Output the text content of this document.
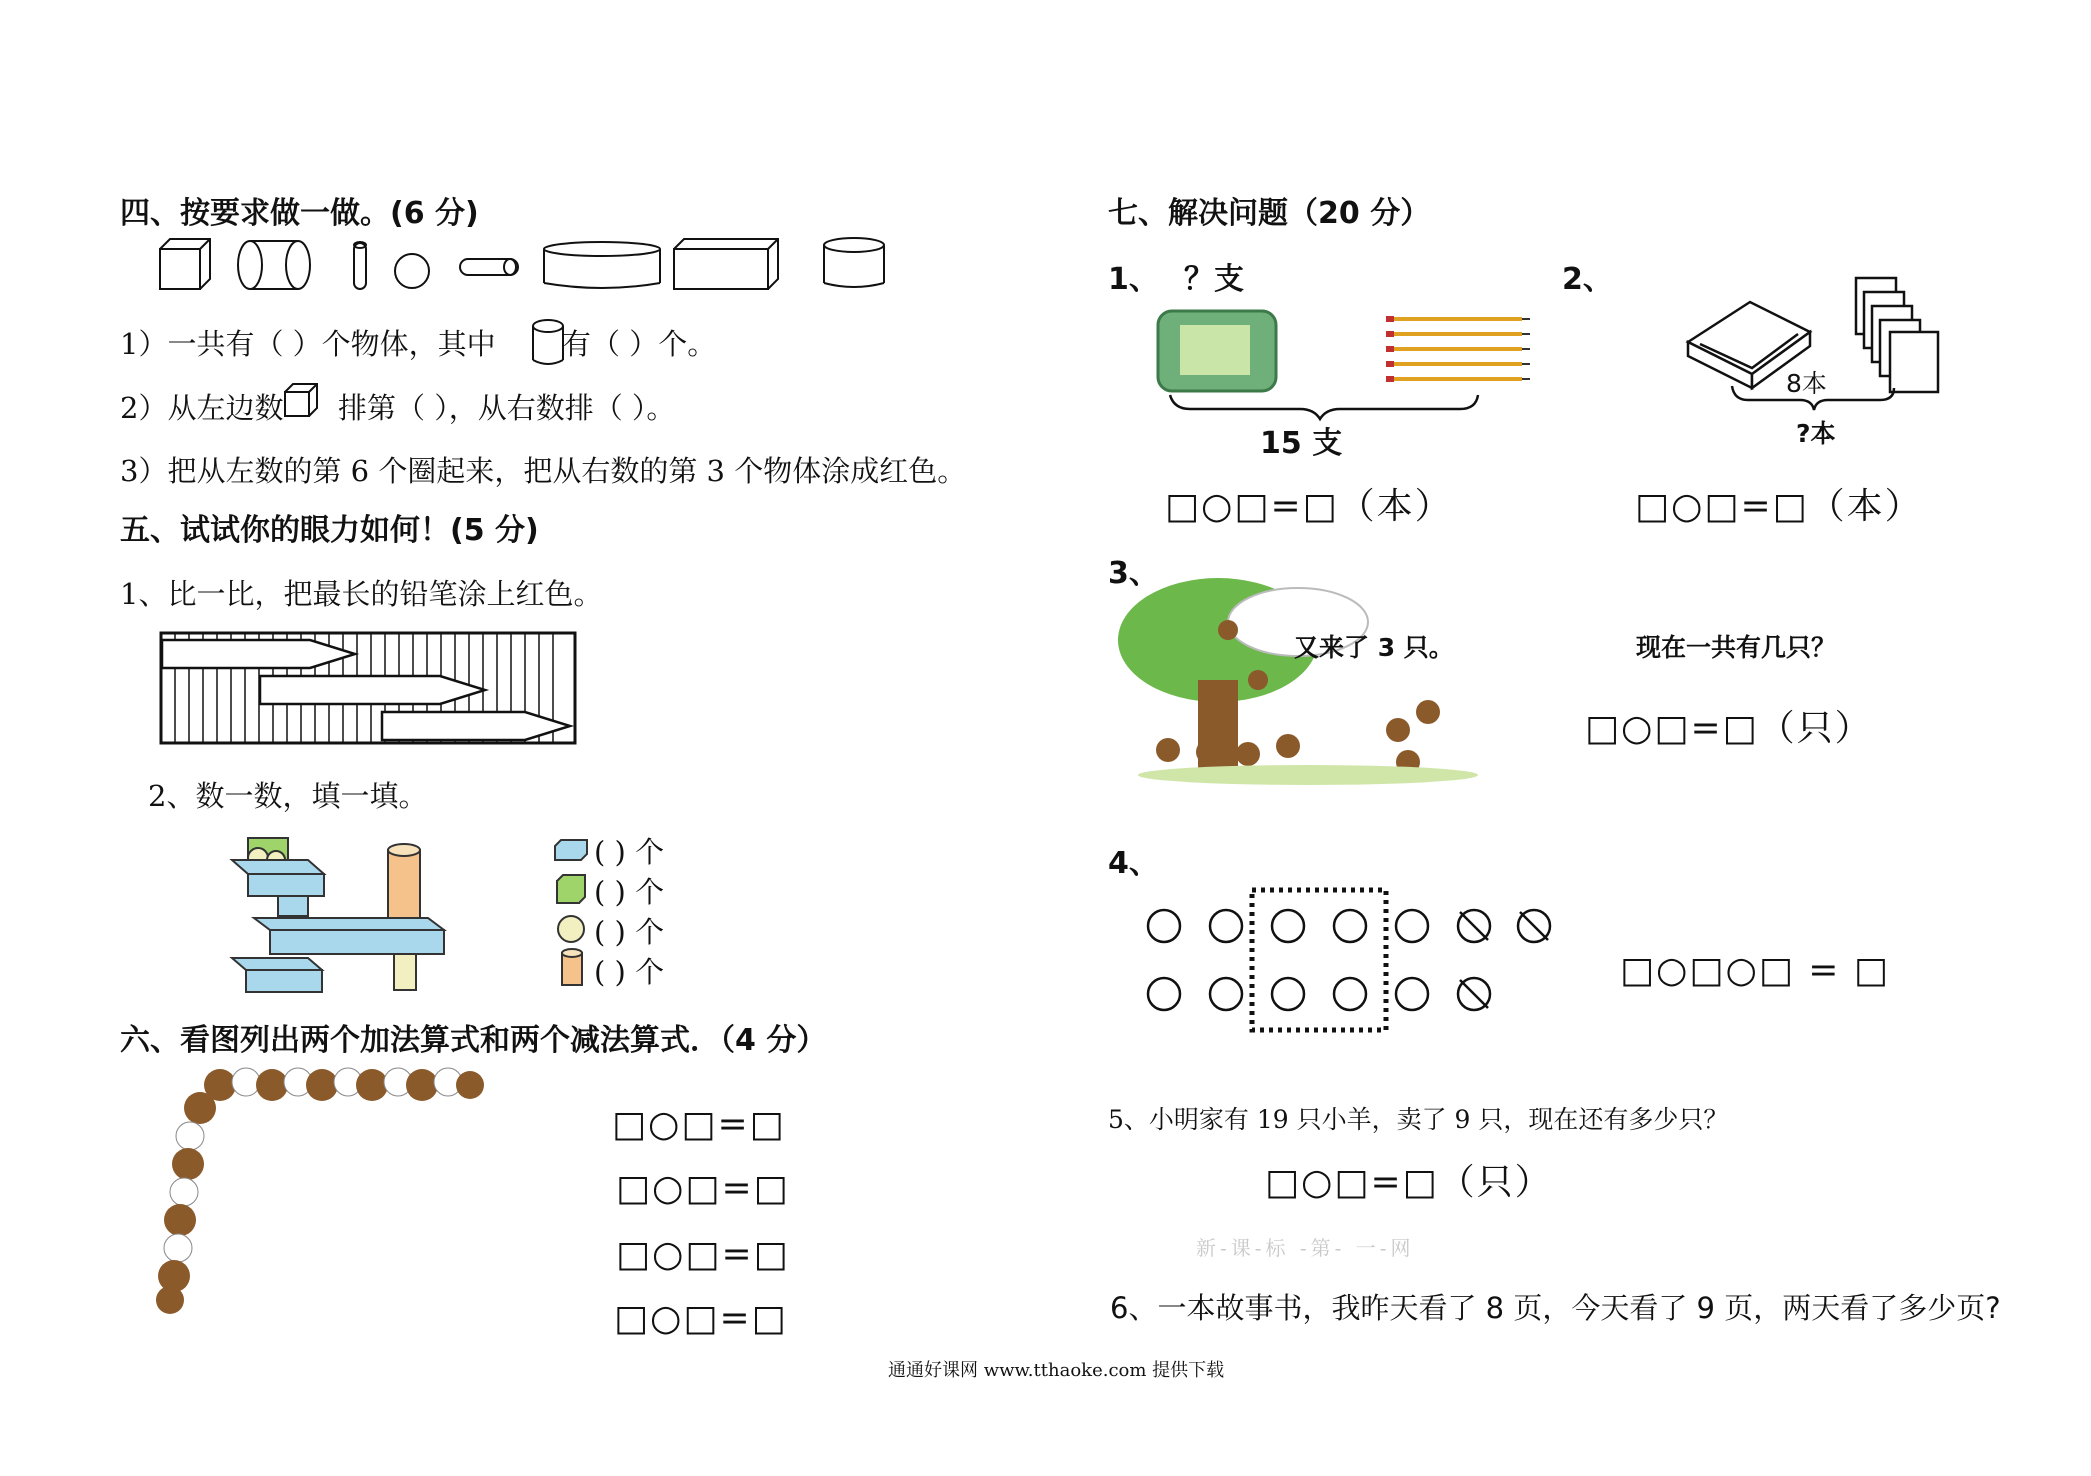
四、按要求做一做。(6 分)
1）一共有（ ）个物体，其中 有（ ）个。
2）从左边数 排第（ ），从右数排（ ）。
3）把从左数的第 6 个圈起来，把从右数的第 3 个物体涂成红色。
五、试试你的眼力如何！(5 分)
1、比一比，把最长的铅笔涂上红色。
2、数一数，填一填。
( ) 个
( ) 个
( ) 个
( ) 个
六、看图列出两个加法算式和两个减法算式．（4 分）
□○□=□
□○□=□
□○□=□
□○□=□
七、解决问题（20 分）
1、 ？支
15 支
□○□=□（本）
2、
8本
?本
□○□=□（本）
3、
又来了 3 只。	现在一共有几只？
□○□=□（只）
4、
□○□○□ = □
5、小明家有 19 只小羊，卖了 9 只，现在还有多少只？
□○□=□（只）
新-课-标 -第- 一-网
6、一本故事书，我昨天看了 8 页，今天看了 9 页，两天看了多少页?
通通好课网 www.tthaoke.com 提供下载
